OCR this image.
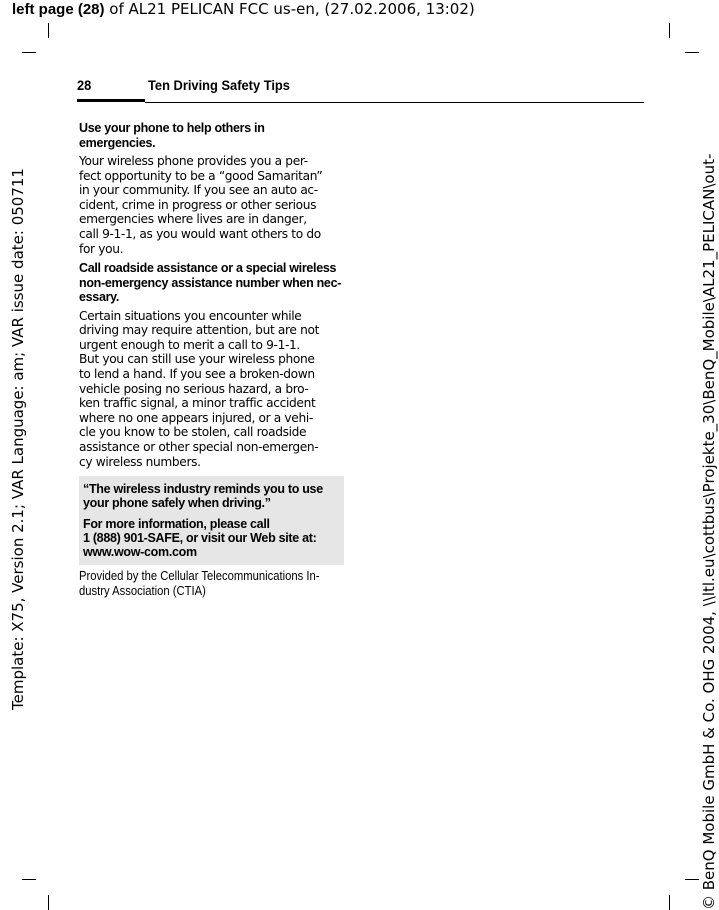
left page (28) of AL21 PELICAN FCC us-en, (27.02.2006, 13:02)
Template: X75, Version 2.1; VAR Language: am; VAR issue date: 050711
© BenQ Mobile GmbH & Co. OHG 2004, \\ltl.eu\cottbus\Projekte_30\BenQ_Mobile\AL21_PELICAN\out-
28	Ten Driving Safety Tips

Use your phone to help others in emergencies.

Your wireless phone provides you a per-
fect opportunity to be a “good Samaritan”
in your community. If you see an auto ac-
cident, crime in progress or other serious
emergencies where lives are in danger,
call 9-1-1, as you would want others to do
for you.

Call roadside assistance or a special wireless
non-emergency assistance number when nec-
essary.

Certain situations you encounter while
driving may require attention, but are not
urgent enough to merit a call to 9-1-1.
But you can still use your wireless phone
to lend a hand. If you see a broken-down
vehicle posing no serious hazard, a bro-
ken traffic signal, a minor traffic accident
where no one appears injured, or a vehi-
cle you know to be stolen, call roadside
assistance or other special non-emergen-
cy wireless numbers.

“The wireless industry reminds you to use
your phone safely when driving.”

For more information, please call
1 (888) 901-SAFE, or visit our Web site at:
www.wow-com.com

Provided by the Cellular Telecommunications In-
dustry Association (CTIA)
